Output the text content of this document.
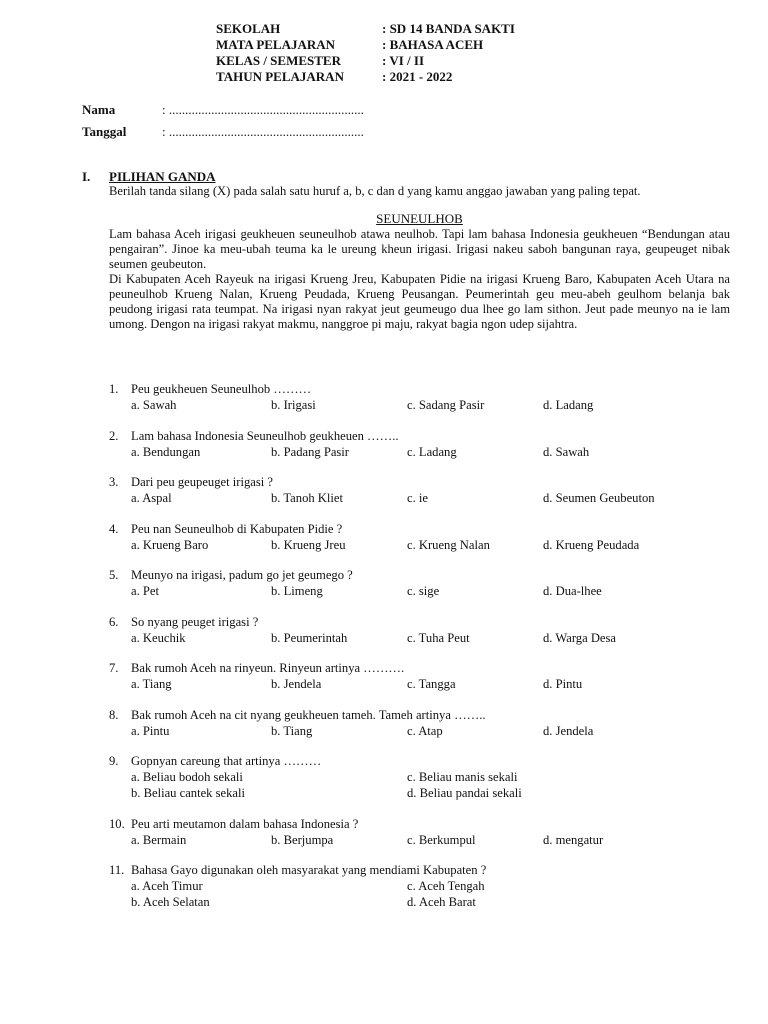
SEKOLAH	: SD 14 BANDA SAKTI
MATA PELAJARAN	: BAHASA ACEH
KELAS / SEMESTER	: VI / II
TAHUN PELAJARAN	: 2021 - 2022
Nama	: ............................................................
Tanggal	: ............................................................
I.	PILIHAN GANDA
Berilah tanda silang (X) pada salah satu huruf a, b, c dan d yang kamu anggao jawaban yang paling tepat.
SEUNEULHOB
Lam bahasa Aceh irigasi geukheuen seuneulhob atawa neulhob. Tapi lam bahasa Indonesia geukheuen “Bendungan atau pengairan”. Jinoe ka meu-ubah teuma ka le ureung kheun irigasi. Irigasi nakeu saboh bangunan raya, geupeuget nibak seumen geubeuton.
Di Kabupaten Aceh Rayeuk na irigasi Krueng Jreu, Kabupaten Pidie na irigasi Krueng Baro, Kabupaten Aceh Utara na peuneulhob Krueng Nalan, Krueng Peudada, Krueng Peusangan. Peumerintah geu meu-abeh geulhom belanja bak peudong irigasi rata teumpat. Na irigasi nyan rakyat jeut geumeugo dua lhee go lam sithon. Jeut pade meunyo na ie lam umong. Dengon na irigasi rakyat makmu, nanggroe pi maju, rakyat bagia ngon udep sijahtra.
1. Peu geukheuen Seuneulhob ………
a. Sawah	b. Irigasi	c. Sadang Pasir	d. Ladang
2. Lam bahasa Indonesia Seuneulhob geukheuen ……..
a. Bendungan	b. Padang Pasir	c. Ladang	d. Sawah
3. Dari peu geupeuget irigasi ?
a. Aspal	b. Tanoh Kliet	c. ie	d. Seumen Geubeuton
4. Peu nan Seuneulhob di Kabupaten Pidie ?
a. Krueng Baro	b. Krueng Jreu	c. Krueng Nalan	d. Krueng Peudada
5. Meunyo na irigasi, padum go jet geumego ?
a. Pet	b. Limeng	c. sige	d. Dua-lhee
6. So nyang peuget irigasi ?
a. Keuchik	b. Peumerintah	c. Tuha Peut	d. Warga Desa
7. Bak rumoh Aceh na rinyeun. Rinyeun artinya ……….
a. Tiang	b. Jendela	c. Tangga	d. Pintu
8. Bak rumoh Aceh na cit nyang geukheuen tameh. Tameh artinya ……..
a. Pintu	b. Tiang	c. Atap	d. Jendela
9. Gopnyan careung that artinya ………
a. Beliau bodoh sekali	c. Beliau manis sekali
b. Beliau cantek sekali	d. Beliau pandai sekali
10. Peu arti meutamon dalam bahasa Indonesia ?
a. Bermain	b. Berjumpa	c. Berkumpul	d. mengatur
11. Bahasa Gayo digunakan oleh masyarakat yang mendiami Kabupaten ?
a. Aceh Timur	c. Aceh Tengah
b. Aceh Selatan	d. Aceh Barat
